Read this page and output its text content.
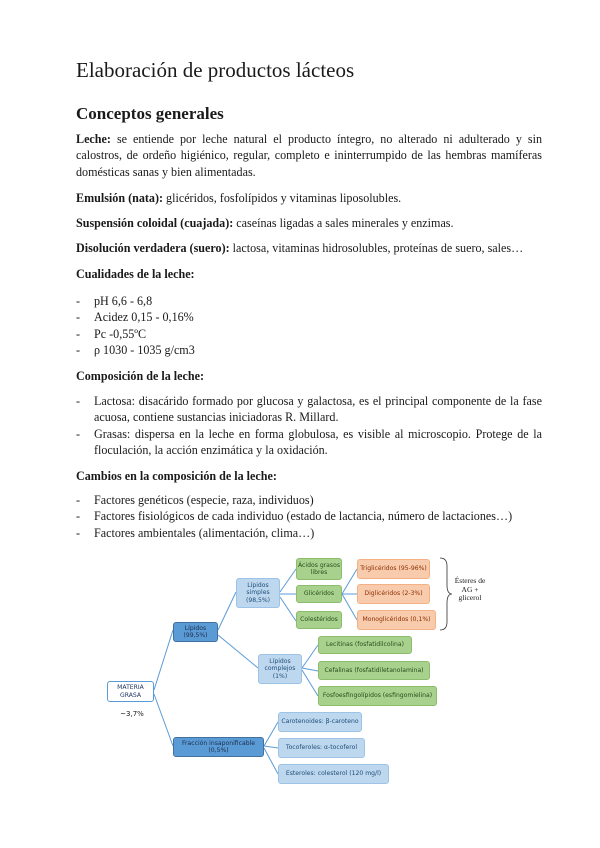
Elaboración de productos lácteos
Conceptos generales

Leche: se entiende por leche natural el producto íntegro, no alterado ni adulterado y sin calostros, de ordeño higiénico, regular, completo e ininterrumpido de las hembras mamíferas domésticas sanas y bien alimentadas.

Emulsión (nata): glicéridos, fosfolípidos y vitaminas liposolubles.

Suspensión coloidal (cuajada): caseínas ligadas a sales minerales y enzimas.

Disolución verdadera (suero): lactosa, vitaminas hidrosolubles, proteínas de suero, sales…

Cualidades de la leche:

- pH 6,6 - 6,8
- Acidez 0,15 - 0,16%
- Pc -0,55ºC
- ρ 1030 - 1035 g/cm3

Composición de la leche:

- Lactosa: disacárido formado por glucosa y galactosa, es el principal componente de la fase acuosa, contiene sustancias iniciadoras R. Millard.
- Grasas: dispersa en la leche en forma globulosa, es visible al microscopio. Protege de la floculación, la acción enzimática y la oxidación.

Cambios en la composición de la leche:

- Factores genéticos (especie, raza, individuos)
- Factores fisiológicos de cada individuo (estado de lactancia, número de lactaciones…)
- Factores ambientales (alimentación, clima…)
MATERIA GRASA
~3,7%
Lípidos (99,5%)
Fracción insaponificable (0,5%)
Lípidos simples (98,5%)
Lípidos complejos (1%)
Ácidos grasos libres
Glicéridos
Colestéridos
Triglicéridos (95-96%)
Diglicéridos (2-3%)
Monoglicéridos (0,1%)
Ésteres de AG + glicerol
Lecitinas (fosfatidilcolina)
Cefalinas (fosfatidiletanolamina)
Fosfoesfingolípidos (esfingomielina)
Carotenoides: β-caroteno
Tocoferoles: α-tocoferol
Esteroles: colesterol (120 mg/l)
